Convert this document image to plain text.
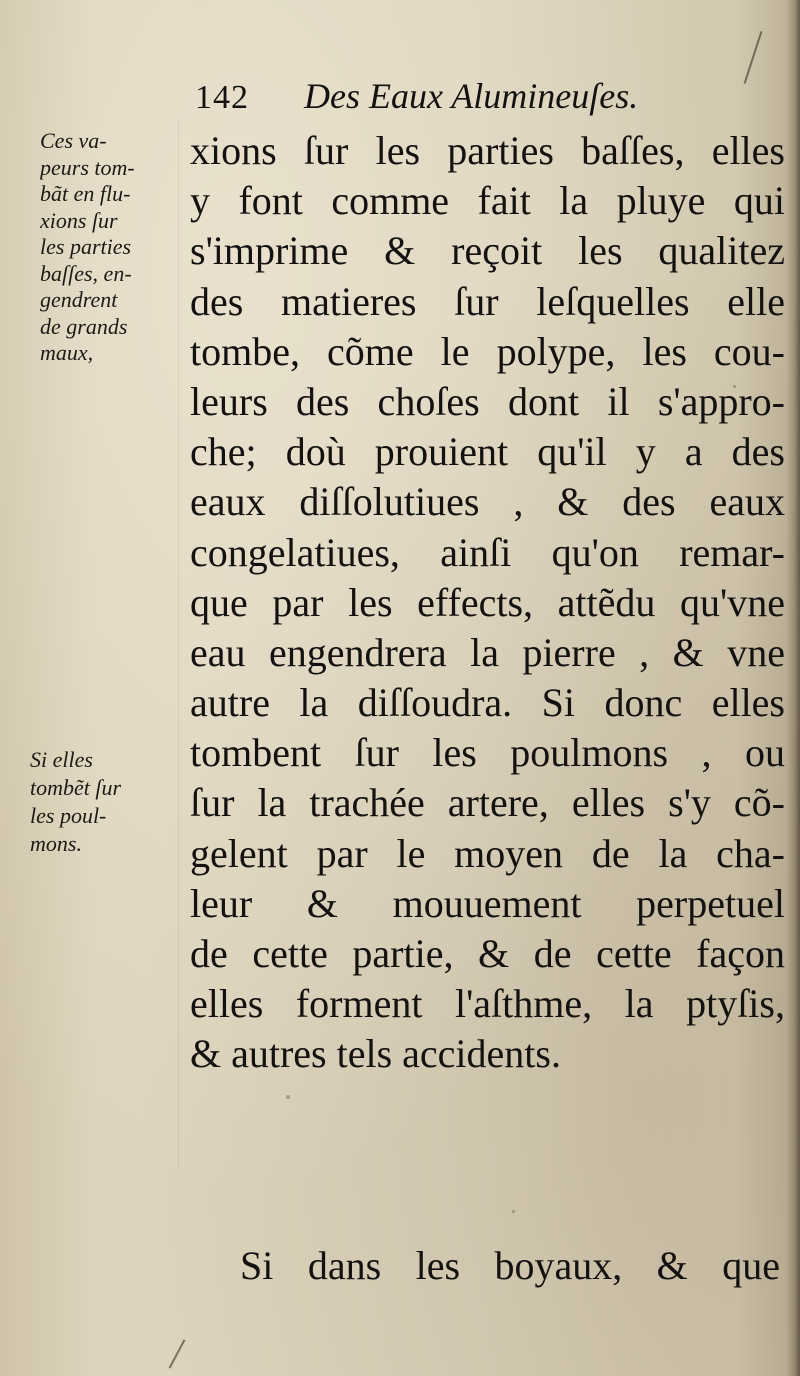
142 Des Eaux Alumineuſes.
Ces va-
peurs tom-
bãt en flu-
xions ſur
les parties
baſſes, en-
gendrent
de grands
maux,
Si elles
tombẽt ſur
les poul-
mons.
xions ſur les parties baſſes, elles
y font comme fait la pluye qui
s'imprime & reçoit les qualitez
des matieres ſur leſquelles elle
tombe, cõme le polype, les cou-
leurs des choſes dont il s'appro-
che; doù prouient qu'il y a des
eaux diſſolutiues , & des eaux
congelatiues, ainſi qu'on remar-
que par les effects, attẽdu qu'vne
eau engendrera la pierre , & vne
autre la diſſoudra. Si donc elles
tombent ſur les poulmons , ou
ſur la trachée artere, elles s'y cõ-
gelent par le moyen de la cha-
leur & mouuement perpetuel
de cette partie, & de cette façon
elles forment l'aſthme, la ptyſis,
& autres tels accidents.
Si dans les boyaux, & que
